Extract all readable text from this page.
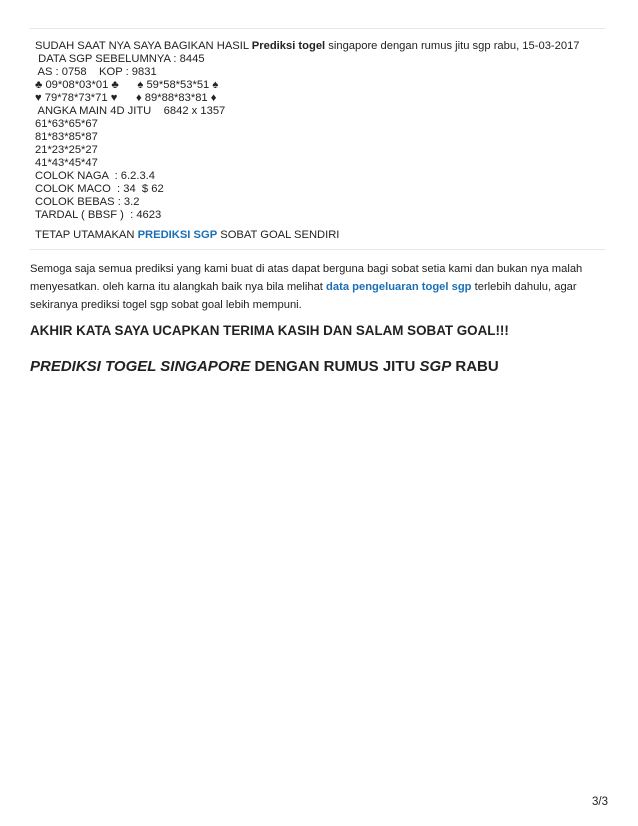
SUDAH SAAT NYA SAYA BAGIKAN HASIL Prediksi togel singapore dengan rumus jitu sgp rabu, 15-03-2017
DATA SGP SEBELUMNYA : 8445
AS : 0758    KOP : 9831
♣ 09*08*03*01 ♣      ♠ 59*58*53*51 ♠
♥ 79*78*73*71 ♥      ♦ 89*88*83*81 ♦
ANGKA MAIN 4D JITU    6842 x 1357
61*63*65*67
81*83*85*87
21*23*25*27
41*43*45*47
COLOK NAGA  : 6.2.3.4
COLOK MACO  : 34  $ 62
COLOK BEBAS : 3.2
TARDAL ( BBSF )  : 4623
TETAP UTAMAKAN PREDIKSI SGP SOBAT GOAL SENDIRI
Semoga saja semua prediksi yang kami buat di atas dapat berguna bagi sobat setia kami dan bukan nya malah menyesatkan. oleh karna itu alangkah baik nya bila melihat data pengeluaran togel sgp terlebih dahulu, agar sekiranya prediksi togel sgp sobat goal lebih mempuni.
AKHIR KATA SAYA UCAPKAN TERIMA KASIH DAN SALAM SOBAT GOAL!!!
PREDIKSI TOGEL SINGAPORE DENGAN RUMUS JITU SGP RABU
3/3
